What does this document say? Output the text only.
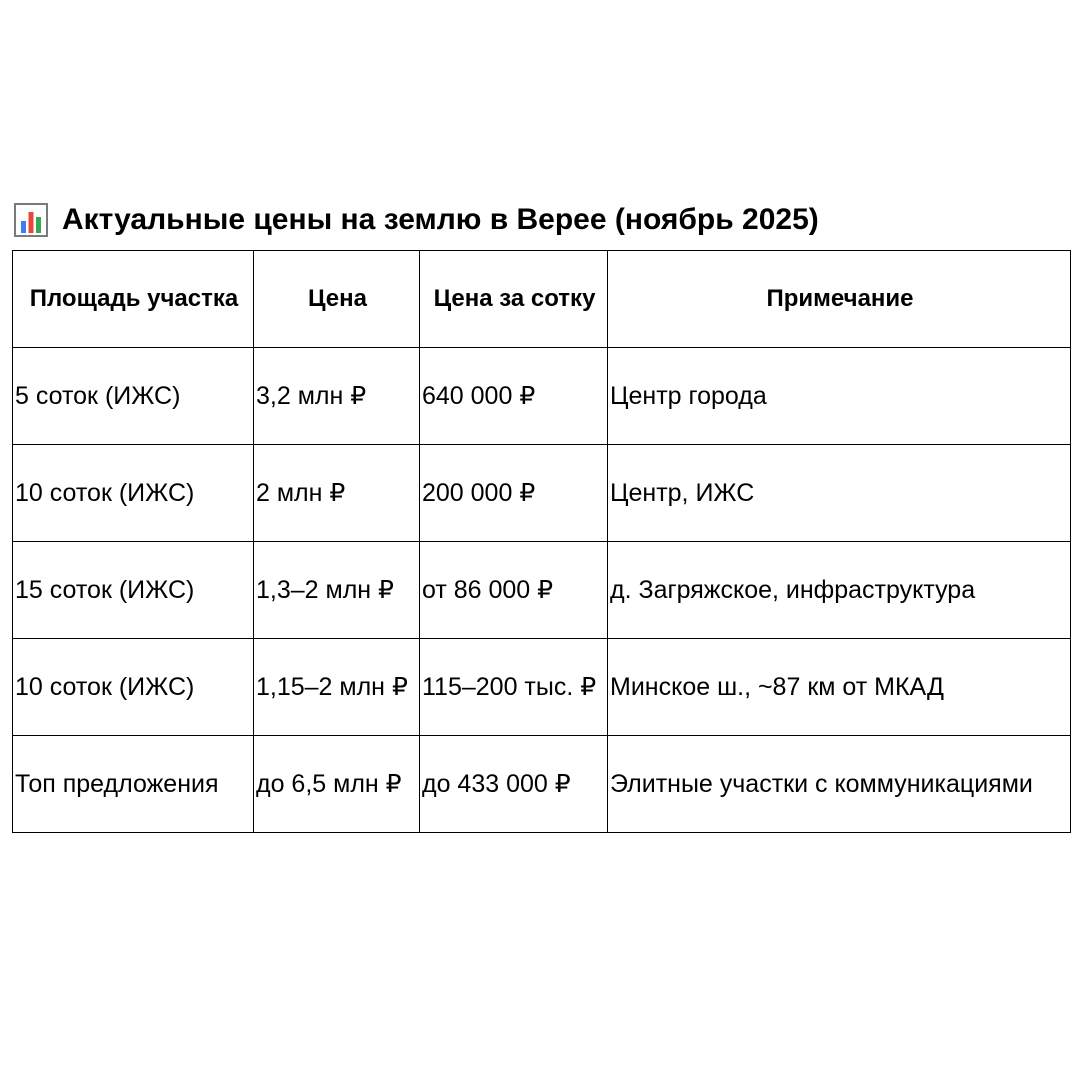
Актуальные цены на землю в Верее (ноябрь 2025)
Площадь участка	Цена	Цена за сотку	Примечание
5 соток (ИЖС)	3,2 млн ₽	640 000 ₽	Центр города
10 соток (ИЖС)	2 млн ₽	200 000 ₽	Центр, ИЖС
15 соток (ИЖС)	1,3–2 млн ₽	от 86 000 ₽	д. Загряжское, инфраструктура
10 соток (ИЖС)	1,15–2 млн ₽	115–200 тыс. ₽	Минское ш., ~87 км от МКАД
Топ предложения	до 6,5 млн ₽	до 433 000 ₽	Элитные участки с коммуникациями
